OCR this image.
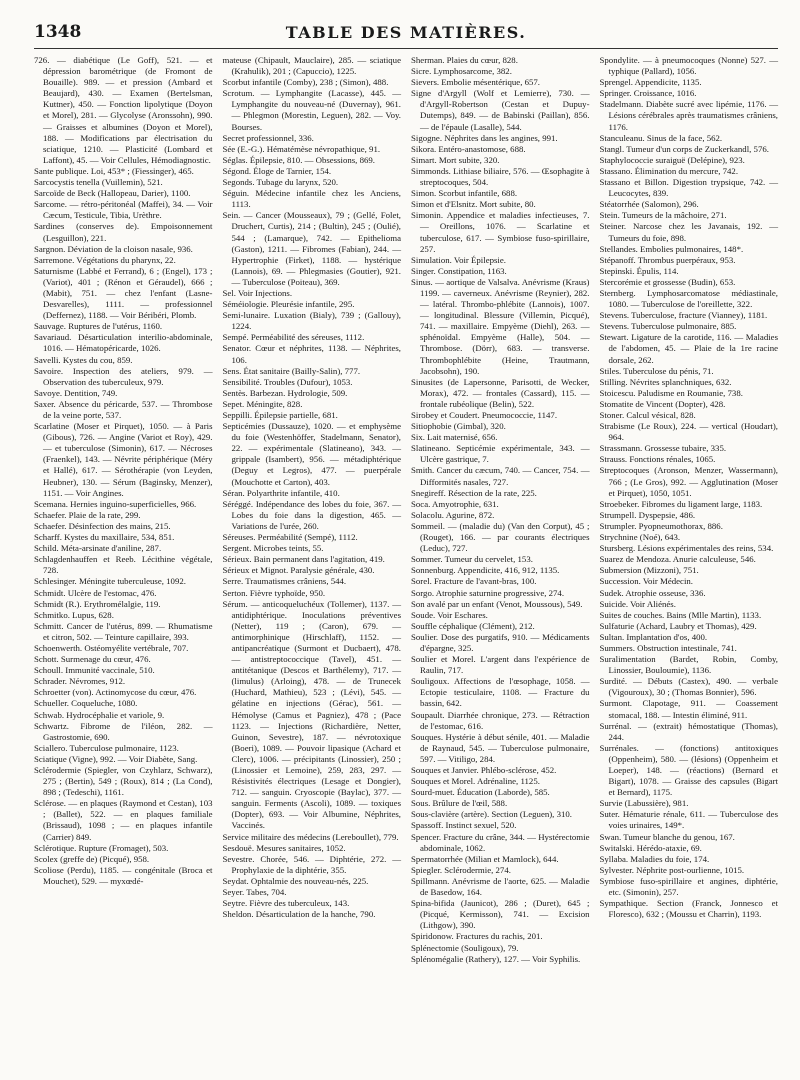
1348	TABLE DES MATIÈRES.
726. — diabétique (Le Goff), 521. — et dépression barométrique (de Fromont de Bouaille). 989. — et pression (Ambard et Beaujard), 430. — Examen (Bertelsman, Kuttner), 450. — Fonction lipolytique (Doyon et Morel), 281. — Glycolyse (Aronssohn), 990. — Graisses et albumines (Doyon et Morel), 188. — Modifications par électrisation du sciatique, 1210. — Plasticité (Lombard et Laffont), 45. — Voir Cellules, Hémodiagnostic.
Sante publique. Loi, 453* ; (Fiessinger), 465.
Sarcocystis tenella (Vuillemin), 521.
Sarcoïde de Beck (Hallopeau, Darier), 1100.
Sarcome. — rétro-péritonéal (Maffei), 34. — Voir Cæcum, Testicule, Tibia, Urèthre.
Sardines (conserves de). Empoisonnement (Lesguillon), 221.
Sargnon. Déviation de la cloison nasale, 936.
Sarremone. Végétations du pharynx, 22.
Saturnisme (Labbé et Ferrand), 6 ; (Engel), 173 ; (Variot), 401 ; (Rénon et Géraudel), 666 ; (Mabit), 751. — chez l'enfant (Lasne-Desvarelles), 1111. — professionnel (Deffernez), 1188. — Voir Béribéri, Plomb.
Sauvage. Ruptures de l'utérus, 1160.
Savariaud. Désarticulation interilio-abdominale, 1016. — Hématopéricarde, 1026.
Savelli. Kystes du cou, 859.
Savoire. Inspection des ateliers, 979. — Observation des tuberculeux, 979.
Savoye. Dentition, 749.
Saxer. Absence du péricarde, 537. — Thrombose de la veine porte, 537.
Scarlatine (Moser et Pirquet), 1050. — à Paris (Gibous), 726. — Angine (Variot et Roy), 429. — et tuberculose (Simonin), 617. — Nécroses (Fraenkel), 143. — Névrite périphérique (Méry et Hallé), 617. — Sérothérapie (von Leyden, Heubner), 130. — Sérum (Baginsky, Menzer), 1151. — Voir Angines.
Scemana. Hernies inguino-superficielles, 966.
Schaefer. Plaie de la rate, 299.
Schaefer. Désinfection des mains, 215.
Scharff. Kystes du maxillaire, 534, 851.
Schild. Méta-arsinate d'aniline, 287.
Schlagdenhauffen et Reeb. Lécithine végétale, 728.
Schlesinger. Méningite tuberculeuse, 1092.
Schmidt. Ulcère de l'estomac, 476.
Schmidt (R.). Erythromélalgie, 119.
Schmitko. Lupus, 628.
Schmitt. Cancer de l'utérus, 899. — Rhumatisme et citron, 502. — Teinture capillaire, 393.
Schoenwerth. Ostéomyélite vertébrale, 707.
Schott. Surmenage du cœur, 476.
Schoull. Immunité vaccinale, 510.
Schrader. Névromes, 912.
Schroetter (von). Actinomycose du cœur, 476.
Schueller. Coqueluche, 1080.
Schwab. Hydrocéphalie et variole, 9.
Schwartz. Fibrome de l'iléon, 282. — Gastrostomie, 690.
Sciallero. Tuberculose pulmonaire, 1123.
Sciatique (Vigne), 992. — Voir Diabète, Sang.
Sclérodermie (Spiegler, von Czyhlarz, Schwarz), 275 ; (Bertin), 549 ; (Roux), 814 ; (La Cond), 898 ; (Tedeschi), 1161.
Sclérose. — en plaques (Raymond et Cestan), 103 ; (Ballet), 522. — en plaques familiale (Brissaud), 1098 ; — en plaques infantile (Carrier) 849.
Sclérotique. Rupture (Fromaget), 503.
Scolex (greffe de) (Picqué), 958.
Scoliose (Perdu), 1185. — congénitale (Broca et Mouchet), 529. — myxœdé-
mateuse (Chipault, Mauclaire), 285. — sciatique (Krahulik), 201 ; (Capuccio), 1225.
Scorbut infantile (Comby), 238 ; (Simon), 488.
Scrotum. — Lymphangite (Lacasse), 445. — Lymphangite du nouveau-né (Duvernay), 961. — Phlegmon (Morestin, Leguen), 282. — Voy. Bourses.
Secret professionnel, 336.
Sée (E.-G.). Hématémèse névropathique, 91.
Séglas. Épilepsie, 810. — Obsessions, 869.
Ségond. Éloge de Tarnier, 154.
Segonds. Tubage du larynx, 520.
Séguin. Médecine infantile chez les Anciens, 1113.
Sein. — Cancer (Mousseaux), 79 ; (Gellé, Folet, Druchert, Curtis), 214 ; (Bultin), 245 ; (Oulié), 544 ; (Lamarque), 742. — Epithelioma (Gaston), 1211. — Fibromes (Fabian), 244. — Hypertrophie (Firket), 1188. — hystérique (Lannois), 69. — Phlegmasies (Goutier), 921. — Tuberculose (Poiteau), 369.
Sel. Voir Injections.
Séméiologie. Pleurésie infantile, 295.
Semi-lunaire. Luxation (Bialy), 739 ; (Gallouy), 1224.
Sempé. Perméabilité des séreuses, 1112.
Senator. Cœur et néphrites, 1138. — Néphrites, 106.
Sens. État sanitaire (Bailly-Salin), 777.
Sensibilité. Troubles (Dufour), 1053.
Sentès. Barbezan. Hydrologie, 509.
Sepet. Méningite, 828.
Seppilli. Épilepsie partielle, 681.
Septicémies (Dussauze), 1020. — et emphysème du foie (Westenhöffer, Stadelmann, Senator), 22. — expérimentale (Slatineano), 343. — grippale (Isambert), 956. — métadiphtérique (Deguy et Legros), 477. — puerpérale (Mouchotte et Carton), 403.
Séran. Polyarthrite infantile, 410.
Séréggé. Indépendance des lobes du foie, 367. — Lobes du foie dans la digestion, 465. — Variations de l'urée, 260.
Séreuses. Perméabilité (Sempé), 1112.
Sergent. Microbes teints, 55.
Sérieux. Bain permanent dans l'agitation, 419.
Sérieux et Mignot. Paralysie générale, 430.
Serre. Traumatismes crâniens, 544.
Serton. Fièvre typhoïde, 950.
Sérum. — anticoqueluchéux (Tollemer), 1137. — antidiphtérique. Inoculations préventives (Netter), 119 ; (Caron), 679. — antimorphinique (Hirschlaff), 1152. — antipancréatique (Surmont et Ducbaert), 478. — antistreptococcique (Tavel), 451. — antitétanique (Descos et Barthélemy), 717. — (limulus) (Arloing), 478. — de Trunecek (Huchard, Mathieu), 523 ; (Lévi), 545. — gélatine en injections (Gérac), 561. — Hémolyse (Camus et Pagniez), 478 ; (Pace 1123. — Injections (Richardière, Netter, Guinon, Sevestre), 187. — névrotoxique (Boeri), 1089. — Pouvoir lipasique (Achard et Clerc), 1006. — précipitants (Linossier), 250 ; (Linossier et Lemoine), 259, 283, 297. — Résistivités électriques (Lesage et Dongier), 712. — sanguin. Cryoscopie (Baylac), 377. — sanguin. Ferments (Ascoli), 1089. — toxiques (Dopter), 693. — Voir Albumine, Néphrites, Vaccinés.
Service militaire des médecins (Lereboullet), 779.
Sesdouë. Mesures sanitaires, 1052.
Sevestre. Chorée, 546. — Diphtérie, 272. — Prophylaxie de la diphtérie, 355.
Seydat. Ophtalmie des nouveau-nés, 225.
Seyer. Tabes, 704.
Seytre. Fièvre des tuberculeux, 143.
Sheldon. Désarticulation de la hanche, 790.
Sherman. Plaies du cœur, 828.
Sicre. Lymphosarcome, 382.
Sievers. Embolie mésentérique, 657.
Signe d'Argyll (Wolf et Lemierre), 730. — d'Argyll-Robertson (Cestan et Dupuy-Dutemps), 849. — de Babinski (Paillan), 856. — de l'épaule (Lasalle), 544.
Sigogne. Néphrites dans les angines, 991.
Sikora. Entéro-anastomose, 688.
Simart. Mort subite, 320.
Simmonds. Lithiase biliaire, 576. — Œsophagite à streptocoques, 504.
Simon. Scorbut infantile, 688.
Simon et d'Elsnitz. Mort subite, 80.
Simonin. Appendice et maladies infectieuses, 7. — Oreillons, 1076. — Scarlatine et tuberculose, 617. — Symbiose fuso-spirillaire, 257.
Simulation. Voir Épilepsie.
Singer. Constipation, 1163.
Sinus. — aortique de Valsalva. Anévrisme (Kraus) 1199. — caverneux. Anévrisme (Reynier), 282. — latéral. Thrombo-phlébite (Lannois), 1007. — longitudinal. Blessure (Villemin, Picqué), 741. — maxillaire. Empyème (Diehl), 263. — sphénoïdal. Empyème (Halle), 504. — Thrombose. (Dörr), 683. — transverse. Thrombophlébite (Heine, Trautmann, Jacobsohn), 190.
Sinusites (de Lapersonne, Parisotti, de Wecker, Morax), 472. — frontales (Cassard), 115. — frontale rubéolique (Belin), 522.
Sirobey et Coudert. Pneumococcie, 1147.
Sitiophobie (Gimbal), 320.
Six. Lait maternisé, 656.
Slatineano. Septicémie expérimentale, 343. — Ulcère gastrique, 7.
Smith. Cancer du cæcum, 740. — Cancer, 754. — Difformités nasales, 727.
Snegireff. Résection de la rate, 225.
Soca. Amyotrophie, 631.
Solacolu. Agurine, 872.
Sommeil. — (maladie du) (Van den Corput), 45 ; (Rouget), 166. — par courants électriques (Leduc), 727.
Sommer. Tumeur du cervelet, 153.
Sonnenburg. Appendicite, 416, 912, 1135.
Sorel. Fracture de l'avant-bras, 100.
Sorgo. Atrophie saturnine progressive, 274.
Son avalé par un enfant (Venot, Moussous), 549.
Soude. Voir Eschares.
Souffle céphalique (Clément), 212.
Soulier. Dose des purgatifs, 910. — Médicaments d'épargne, 325.
Soulier et Morel. L'argent dans l'expérience de Raulin, 717.
Souligoux. Affections de l'œsophage, 1058. — Ectopie testiculaire, 1108. — Fracture du bassin, 642.
Soupault. Diarrhée chronique, 273. — Rétraction de l'estomac, 616.
Souques. Hystérie à début sénile, 401. — Maladie de Raynaud, 545. — Tuberculose pulmonaire, 597. — Vitiligo, 284.
Souques et Janvier. Phlébo-sclérose, 452.
Souques et Morel. Adrénaline, 1125.
Sourd-muet. Éducation (Laborde), 585.
Sous. Brûlure de l'œil, 588.
Sous-clavière (artère). Section (Leguen), 310.
Spassoff. Instinct sexuel, 520.
Spencer. Fracture du crâne, 344. — Hystérectomie abdominale, 1062.
Spermatorrhée (Milian et Mamlock), 644.
Spiegler. Sclérodermie, 274.
Spillmann. Anévrisme de l'aorte, 625. — Maladie de Basedow, 164.
Spina-bifida (Jaunicot), 286 ; (Duret), 645 ; (Picqué, Kermisson), 741. — Excision (Lithgow), 390.
Spiridonow. Fractures du rachis, 201.
Splénectomie (Souligoux), 79.
Splénomégalie (Rathery), 127. — Voir Syphilis.
Spondylite. — à pneumocoques (Nonne) 527. — typhique (Pallard), 1056.
Sprengel. Appendicite, 1135.
Springer. Croissance, 1016.
Stadelmann. Diabète sucré avec lipémie, 1176. — Lésions cérébrales après traumatismes crâniens, 1176.
Stanculeanu. Sinus de la face, 562.
Stangl. Tumeur d'un corps de Zuckerkandl, 576.
Staphylococcie suraiguë (Delépine), 923.
Stassano. Élimination du mercure, 742.
Stassano et Billon. Digestion trypsique, 742. — Leucocytes, 839.
Stéatorrhée (Salomon), 296.
Stein. Tumeurs de la mâchoire, 271.
Steiner. Narcose chez les Javanais, 192. — Tumeurs du foie, 898.
Stellandes. Embolies pulmonaires, 148*.
Stépanoff. Thrombus puerpéraux, 953.
Stepinski. Épulis, 114.
Stercorémie et grossesse (Budin), 653.
Sternberg. Lymphosarcomatose médiastinale, 1080. — Tuberculose de l'oreillette, 322.
Stevens. Tuberculose, fracture (Vianney), 1181.
Stevens. Tuberculose pulmonaire, 885.
Stewart. Ligature de la carotide, 116. — Maladies de l'abdomen, 45. — Plaie de la 1re racine dorsale, 262.
Stiles. Tuberculose du pénis, 71.
Stilling. Névrites splanchniques, 632.
Stoicescu. Paludisme en Roumanie, 738.
Stomatite de Vincent (Dopter), 428.
Stoner. Calcul vésical, 828.
Strabisme (Le Roux), 224. — vertical (Houdart), 964.
Strassmann. Grossesse tubaire, 335.
Strauss. Fonctions rénales, 1065.
Streptocoques (Aronson, Menzer, Wassermann), 766 ; (Le Gros), 992. — Agglutination (Moser et Pirquet), 1050, 1051.
Stroebeker. Fibromes du ligament large, 1183.
Strumpell. Dyspepsie, 486.
Strumpler. Pyopneumothorax, 886.
Strychnine (Noé), 643.
Stursberg. Lésions expérimentales des reins, 534.
Suarez de Mendoza. Anurie calculeuse, 546.
Submersion (Mizzoni), 751.
Succession. Voir Médecin.
Sudek. Atrophie osseuse, 336.
Suicide. Voir Aliénés.
Suites de couches. Bains (Mlle Martin), 1133.
Sulfaturie (Achard, Laubry et Thomas), 429.
Sultan. Implantation d'os, 400.
Summers. Obstruction intestinale, 741.
Suralimentation (Bardet, Robin, Comby, Linossier, Bouloumie), 1136.
Surdité. — Débuts (Castex), 490. — verbale (Vigouroux), 30 ; (Thomas Bonnier), 596.
Surmont. Clapotage, 911. — Coassement stomacal, 188. — Intestin éliminé, 911.
Surrénal. — (extrait) hémostatique (Thomas), 244.
Surrénales. — (fonctions) antitoxiques (Oppenheim), 580. — (lésions) (Oppenheim et Loeper), 148. — (réactions) (Bernard et Bigart), 1078. — Graisse des capsules (Bigart et Bernard), 1175.
Survie (Labussière), 981.
Suter. Hématurie rénale, 611. — Tuberculose des voies urinaires, 149*.
Swan. Tumeur blanche du genou, 167.
Switalski. Hérédo-ataxie, 69.
Syllaba. Maladies du foie, 174.
Sylvester. Néphrite post-ourlienne, 1015.
Symbiose fuso-spirillaire et angines, diphtérie, etc. (Simonin), 257.
Sympathique. Section (Franck, Jonnesco et Floresco), 632 ; (Moussu et Charrin), 1193.
